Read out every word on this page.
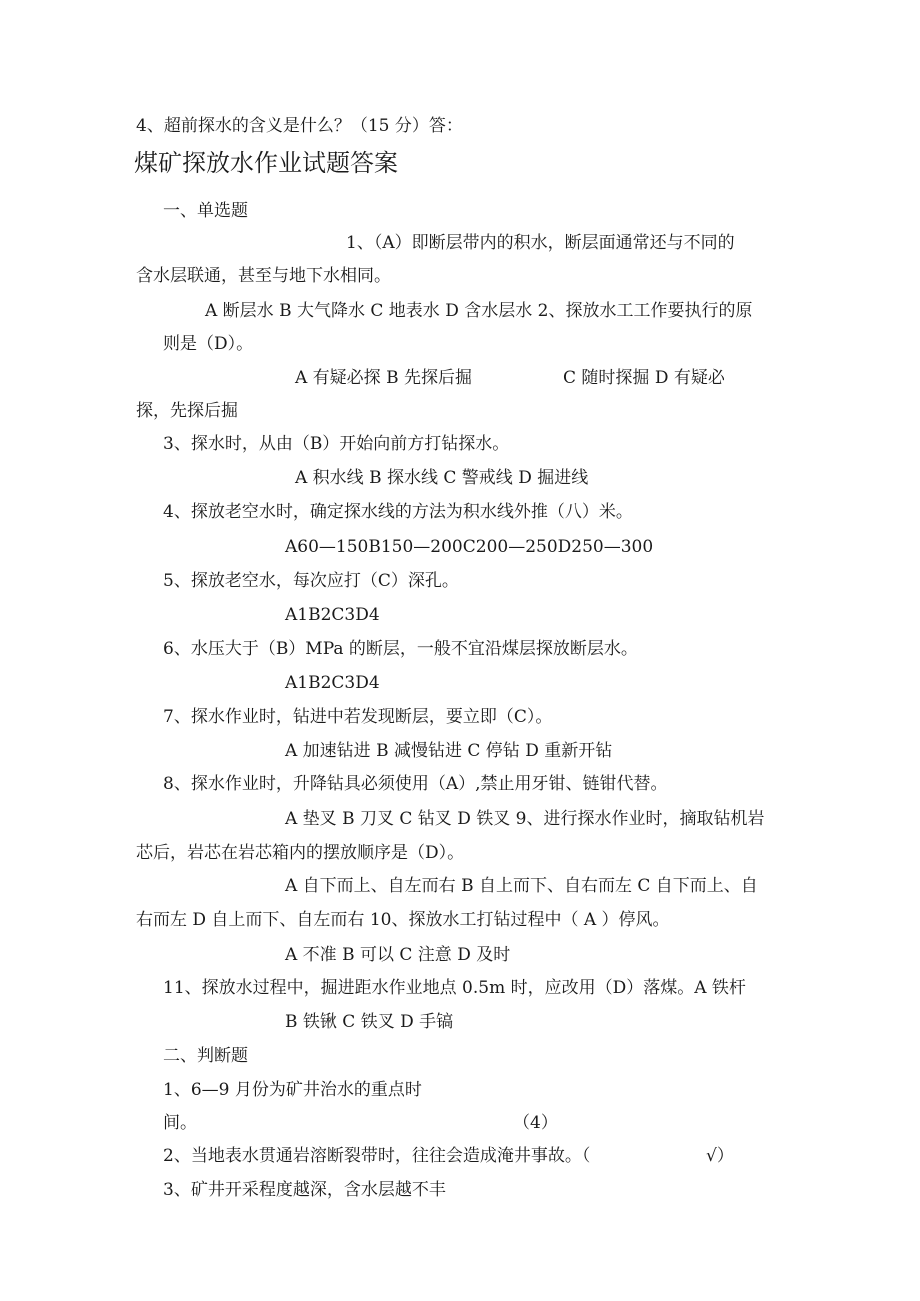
4、超前探水的含义是什么？（15 分）答：
煤矿探放水作业试题答案
一、单选题
1、（A）即断层带内的积水，断层面通常还与不同的
含水层联通，甚至与地下水相同。
A 断层水 B 大气降水 C 地表水 D 含水层水 2、探放水工工作要执行的原
则是（D）。
A 有疑必探 B 先探后掘	C 随时探掘 D 有疑必
探，先探后掘
3、探水时，从由（B）开始向前方打钻探水。
A 积水线 B 探水线 C 警戒线 D 掘进线
4、探放老空水时，确定探水线的方法为积水线外推（八）米。
A60—150B150—200C200—250D250—300
5、探放老空水，每次应打（C）深孔。
A1B2C3D4
6、水压大于（B）MPa 的断层，一般不宜沿煤层探放断层水。
A1B2C3D4
7、探水作业时，钻进中若发现断层，要立即（C）。
A 加速钻进 B 减慢钻进 C 停钻 D 重新开钻
8、探水作业时，升降钻具必须使用（A）,禁止用牙钳、链钳代替。
A 垫叉 B 刀叉 C 钻叉 D 铁叉 9、进行探水作业时，摘取钻机岩
芯后，岩芯在岩芯箱内的摆放顺序是（D）。
A 自下而上、自左而右 B 自上而下、自右而左 C 自下而上、自
右而左 D 自上而下、自左而右 10、探放水工打钻过程中（ A ）停风。
A 不准 B 可以 C 注意 D 及时
11、探放水过程中，掘进距水作业地点 0.5m 时，应改用（D）落煤。A 铁杆
B 铁锹 C 铁叉 D 手镐
二、判断题
1、6—9 月份为矿井治水的重点时
间。	（4）
2、当地表水贯通岩溶断裂带时，往往会造成淹井事故。（	√）
3、矿井开采程度越深，含水层越不丰
